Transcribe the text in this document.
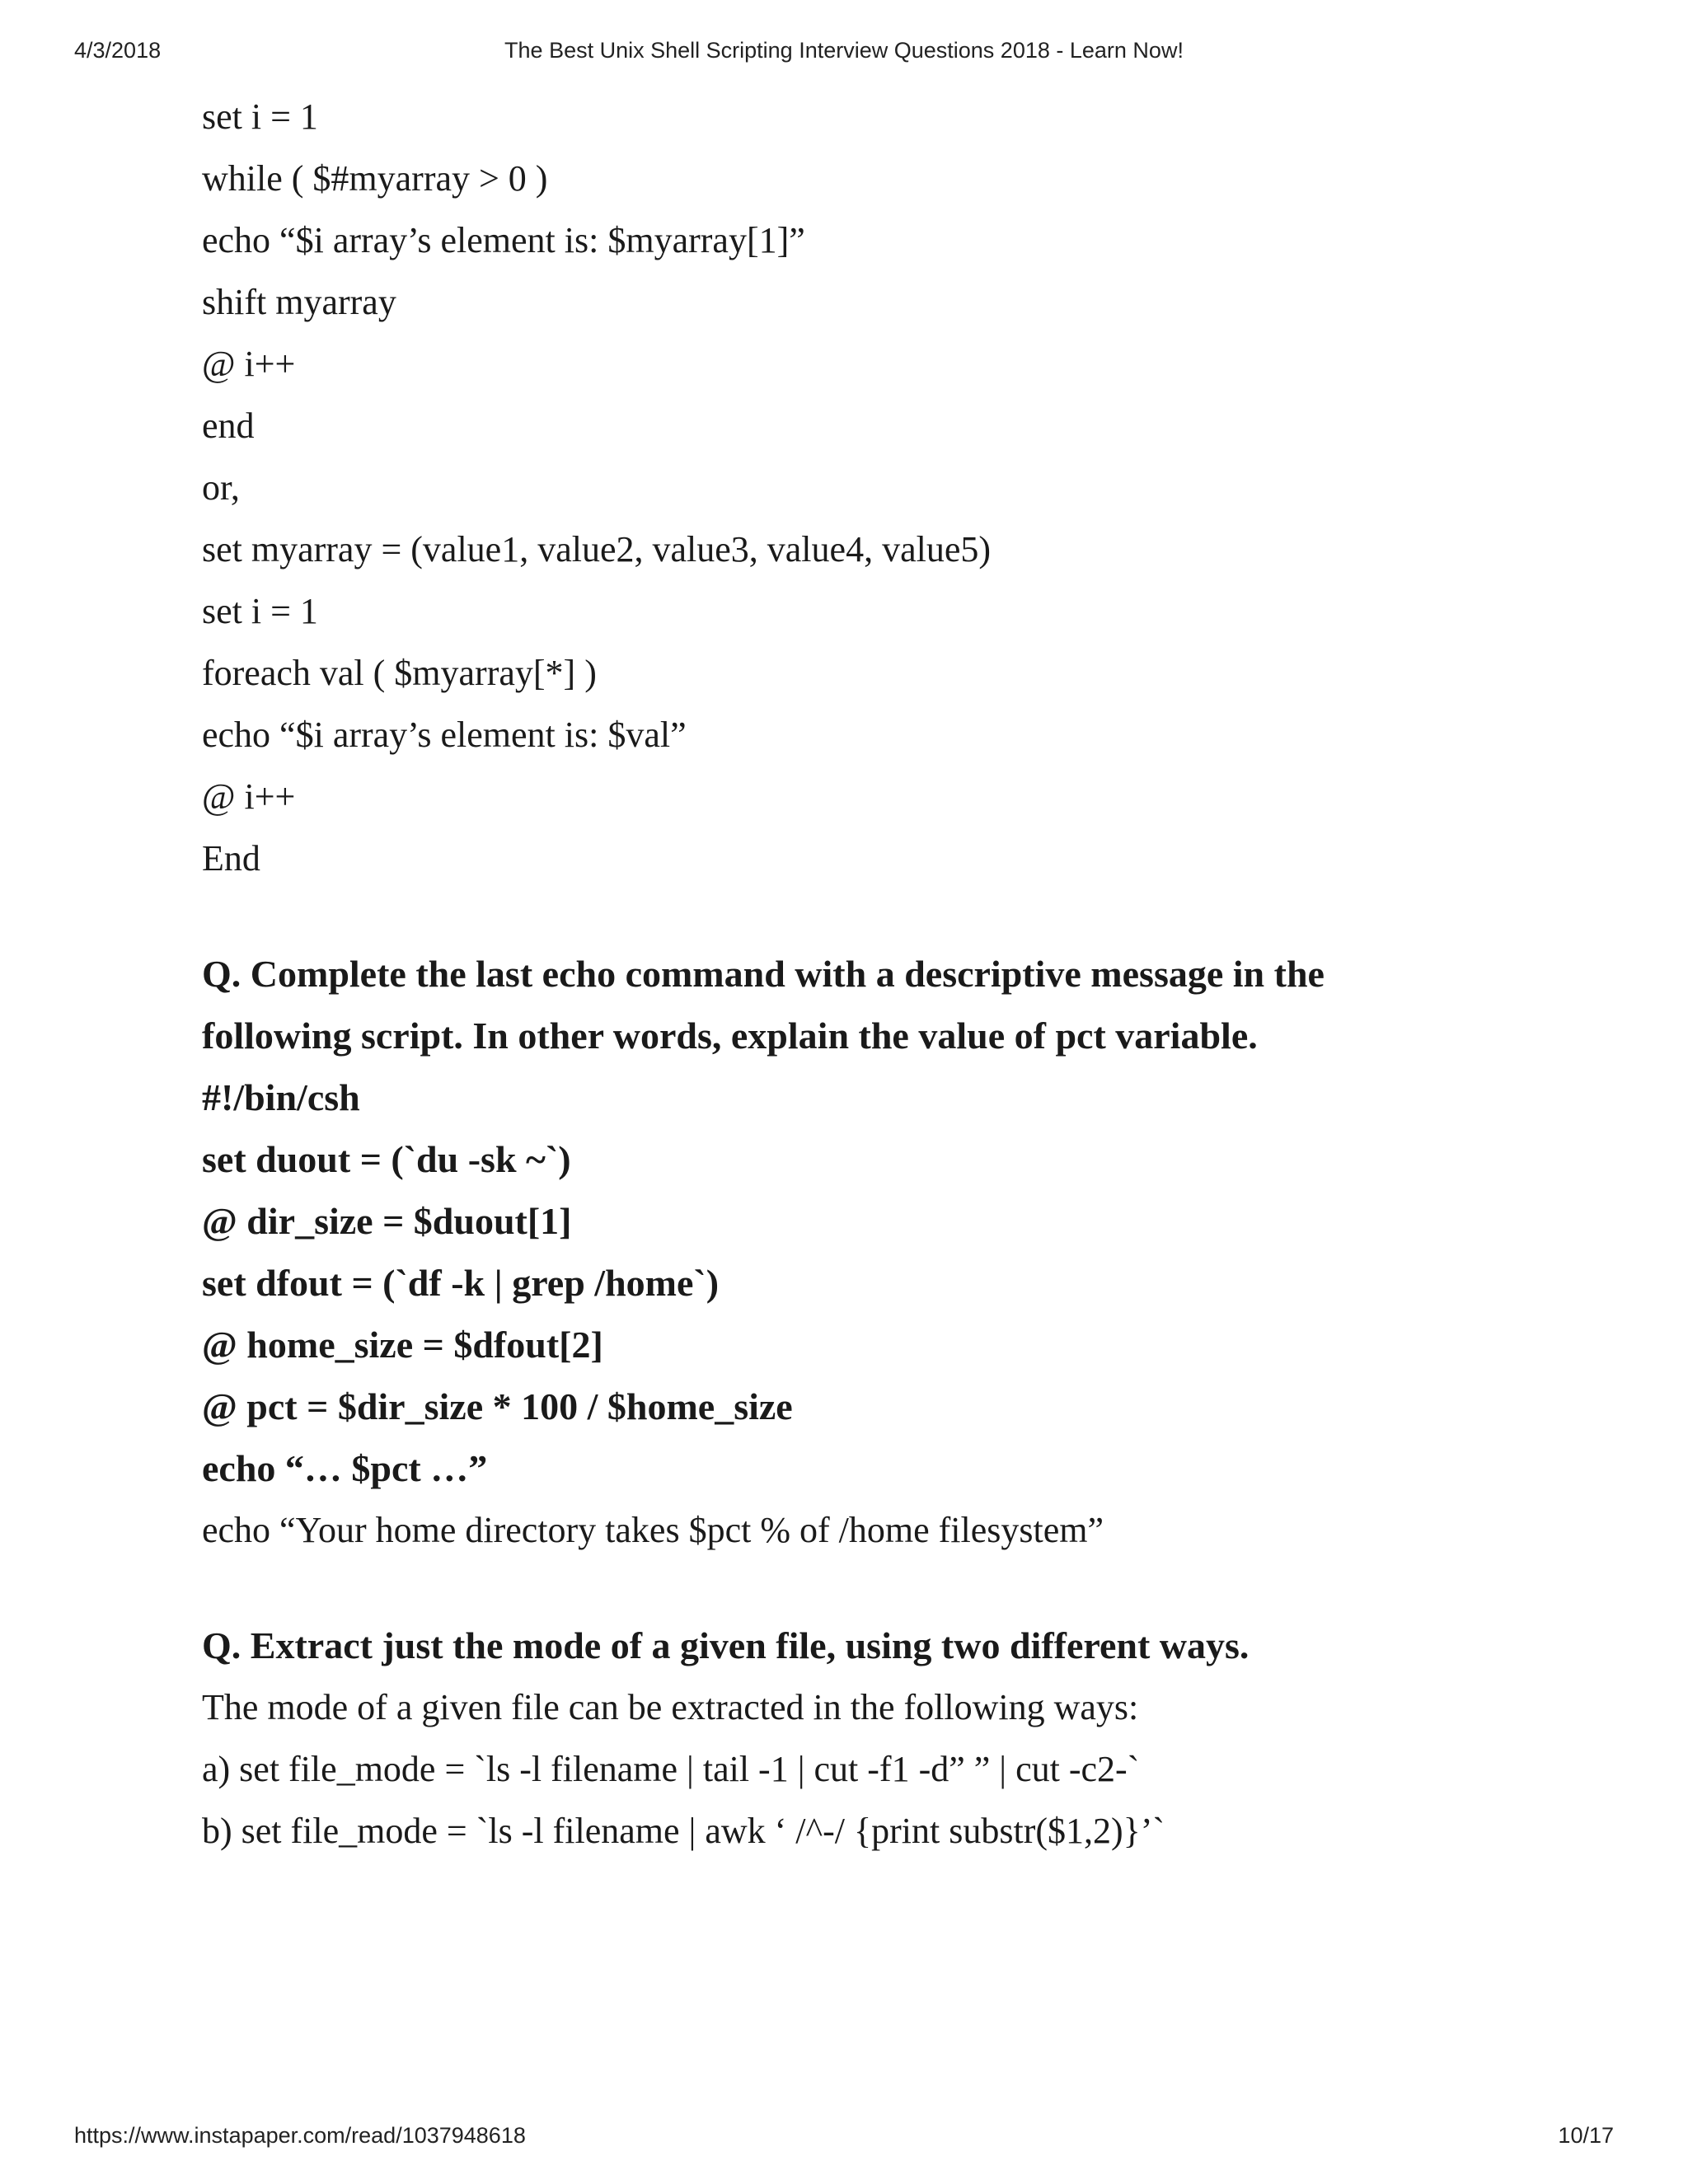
The Best Unix Shell Scripting Interview Questions 2018 - Learn Now!
4/3/2018
set i = 1
while ( $#myarray > 0 )
echo “$i array’s element is: $myarray[1]”
shift myarray
@ i++
end
or,
set myarray = (value1, value2, value3, value4, value5)
set i = 1
foreach val ( $myarray[*] )
echo “$i array’s element is: $val”
@ i++
End
Q. Complete the last echo command with a descriptive message in the
following script. In other words, explain the value of pct variable.
#!/bin/csh
set duout = (`du -sk ~`)
@ dir_size = $duout[1]
set dfout = (`df -k | grep /home`)
@ home_size = $dfout[2]
@ pct = $dir_size * 100 / $home_size
echo “… $pct …”
echo “Your home directory takes $pct % of /home filesystem”
Q. Extract just the mode of a given file, using two different ways.
The mode of a given file can be extracted in the following ways:
a) set file_mode = `ls -l filename | tail -1 | cut -f1 -d” ” | cut -c2-`
b) set file_mode = `ls -l filename | awk ‘ /^-/ {print substr($1,2)}’`
https://www.instapaper.com/read/1037948618	10/17
